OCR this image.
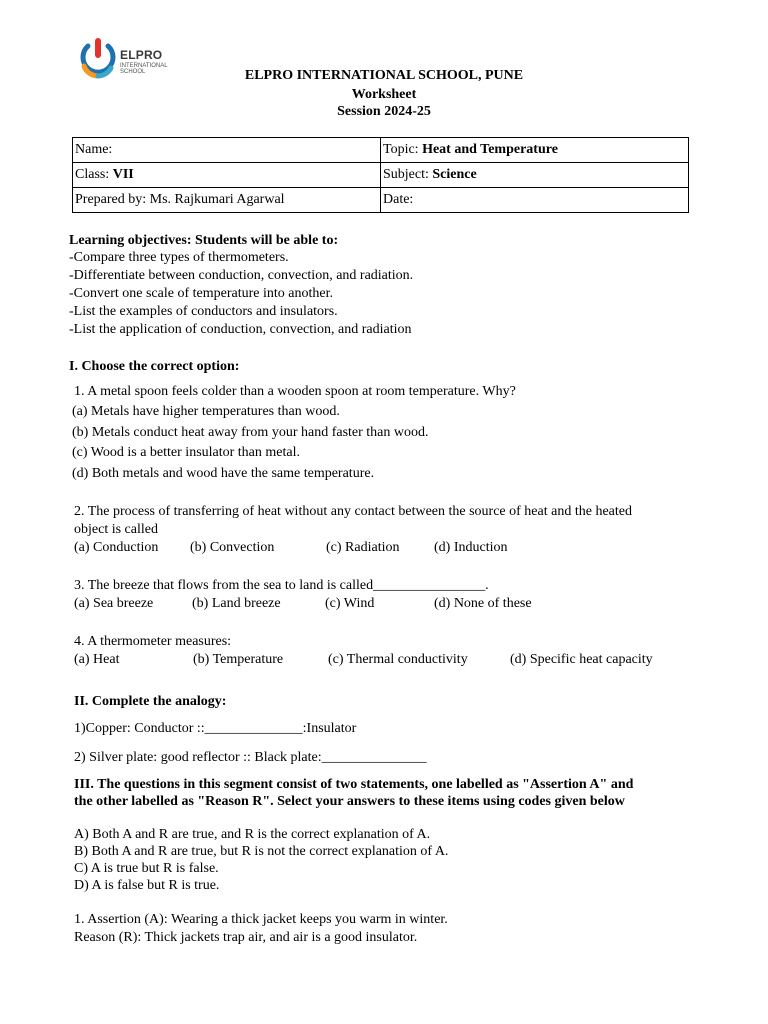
ELPRO
INTERNATIONAL SCHOOL	ELPRO INTERNATIONAL SCHOOL, PUNE
Worksheet
Session 2024-25
Name:	Topic: Heat and Temperature
Class: VII	Subject: Science
Prepared by: Ms. Rajkumari Agarwal	Date:
Learning objectives: Students will be able to:
-Compare three types of thermometers.
-Differentiate between conduction, convection, and radiation.
-Convert one scale of temperature into another.
-List the examples of conductors and insulators.
-List the application of conduction, convection, and radiation
I. Choose the correct option:
1. A metal spoon feels colder than a wooden spoon at room temperature. Why?
(a) Metals have higher temperatures than wood.
(b) Metals conduct heat away from your hand faster than wood.
(c) Wood is a better insulator than metal.
(d) Both metals and wood have the same temperature.
2. The process of transferring of heat without any contact between the source of heat and the heated
object is called
(a) Conduction (b) Convection	(c) Radiation (d) Induction
3. The breeze that flows from the sea to land is called________________.
(a) Sea breeze	(b) Land breeze	(c) Wind	(d) None of these
4. A thermometer measures:
(a) Heat	(b) Temperature	(c) Thermal conductivity	(d) Specific heat capacity
II. Complete the analogy:
1)Copper: Conductor ::______________:Insulator
2) Silver plate: good reflector :: Black plate:_______________
III. The questions in this segment consist of two statements, one labelled as "Assertion A" and
the other labelled as "Reason R". Select your answers to these items using codes given below
A) Both A and R are true, and R is the correct explanation of A.
B) Both A and R are true, but R is not the correct explanation of A.
C) A is true but R is false.
D) A is false but R is true.
1. Assertion (A): Wearing a thick jacket keeps you warm in winter.
Reason (R): Thick jackets trap air, and air is a good insulator.
